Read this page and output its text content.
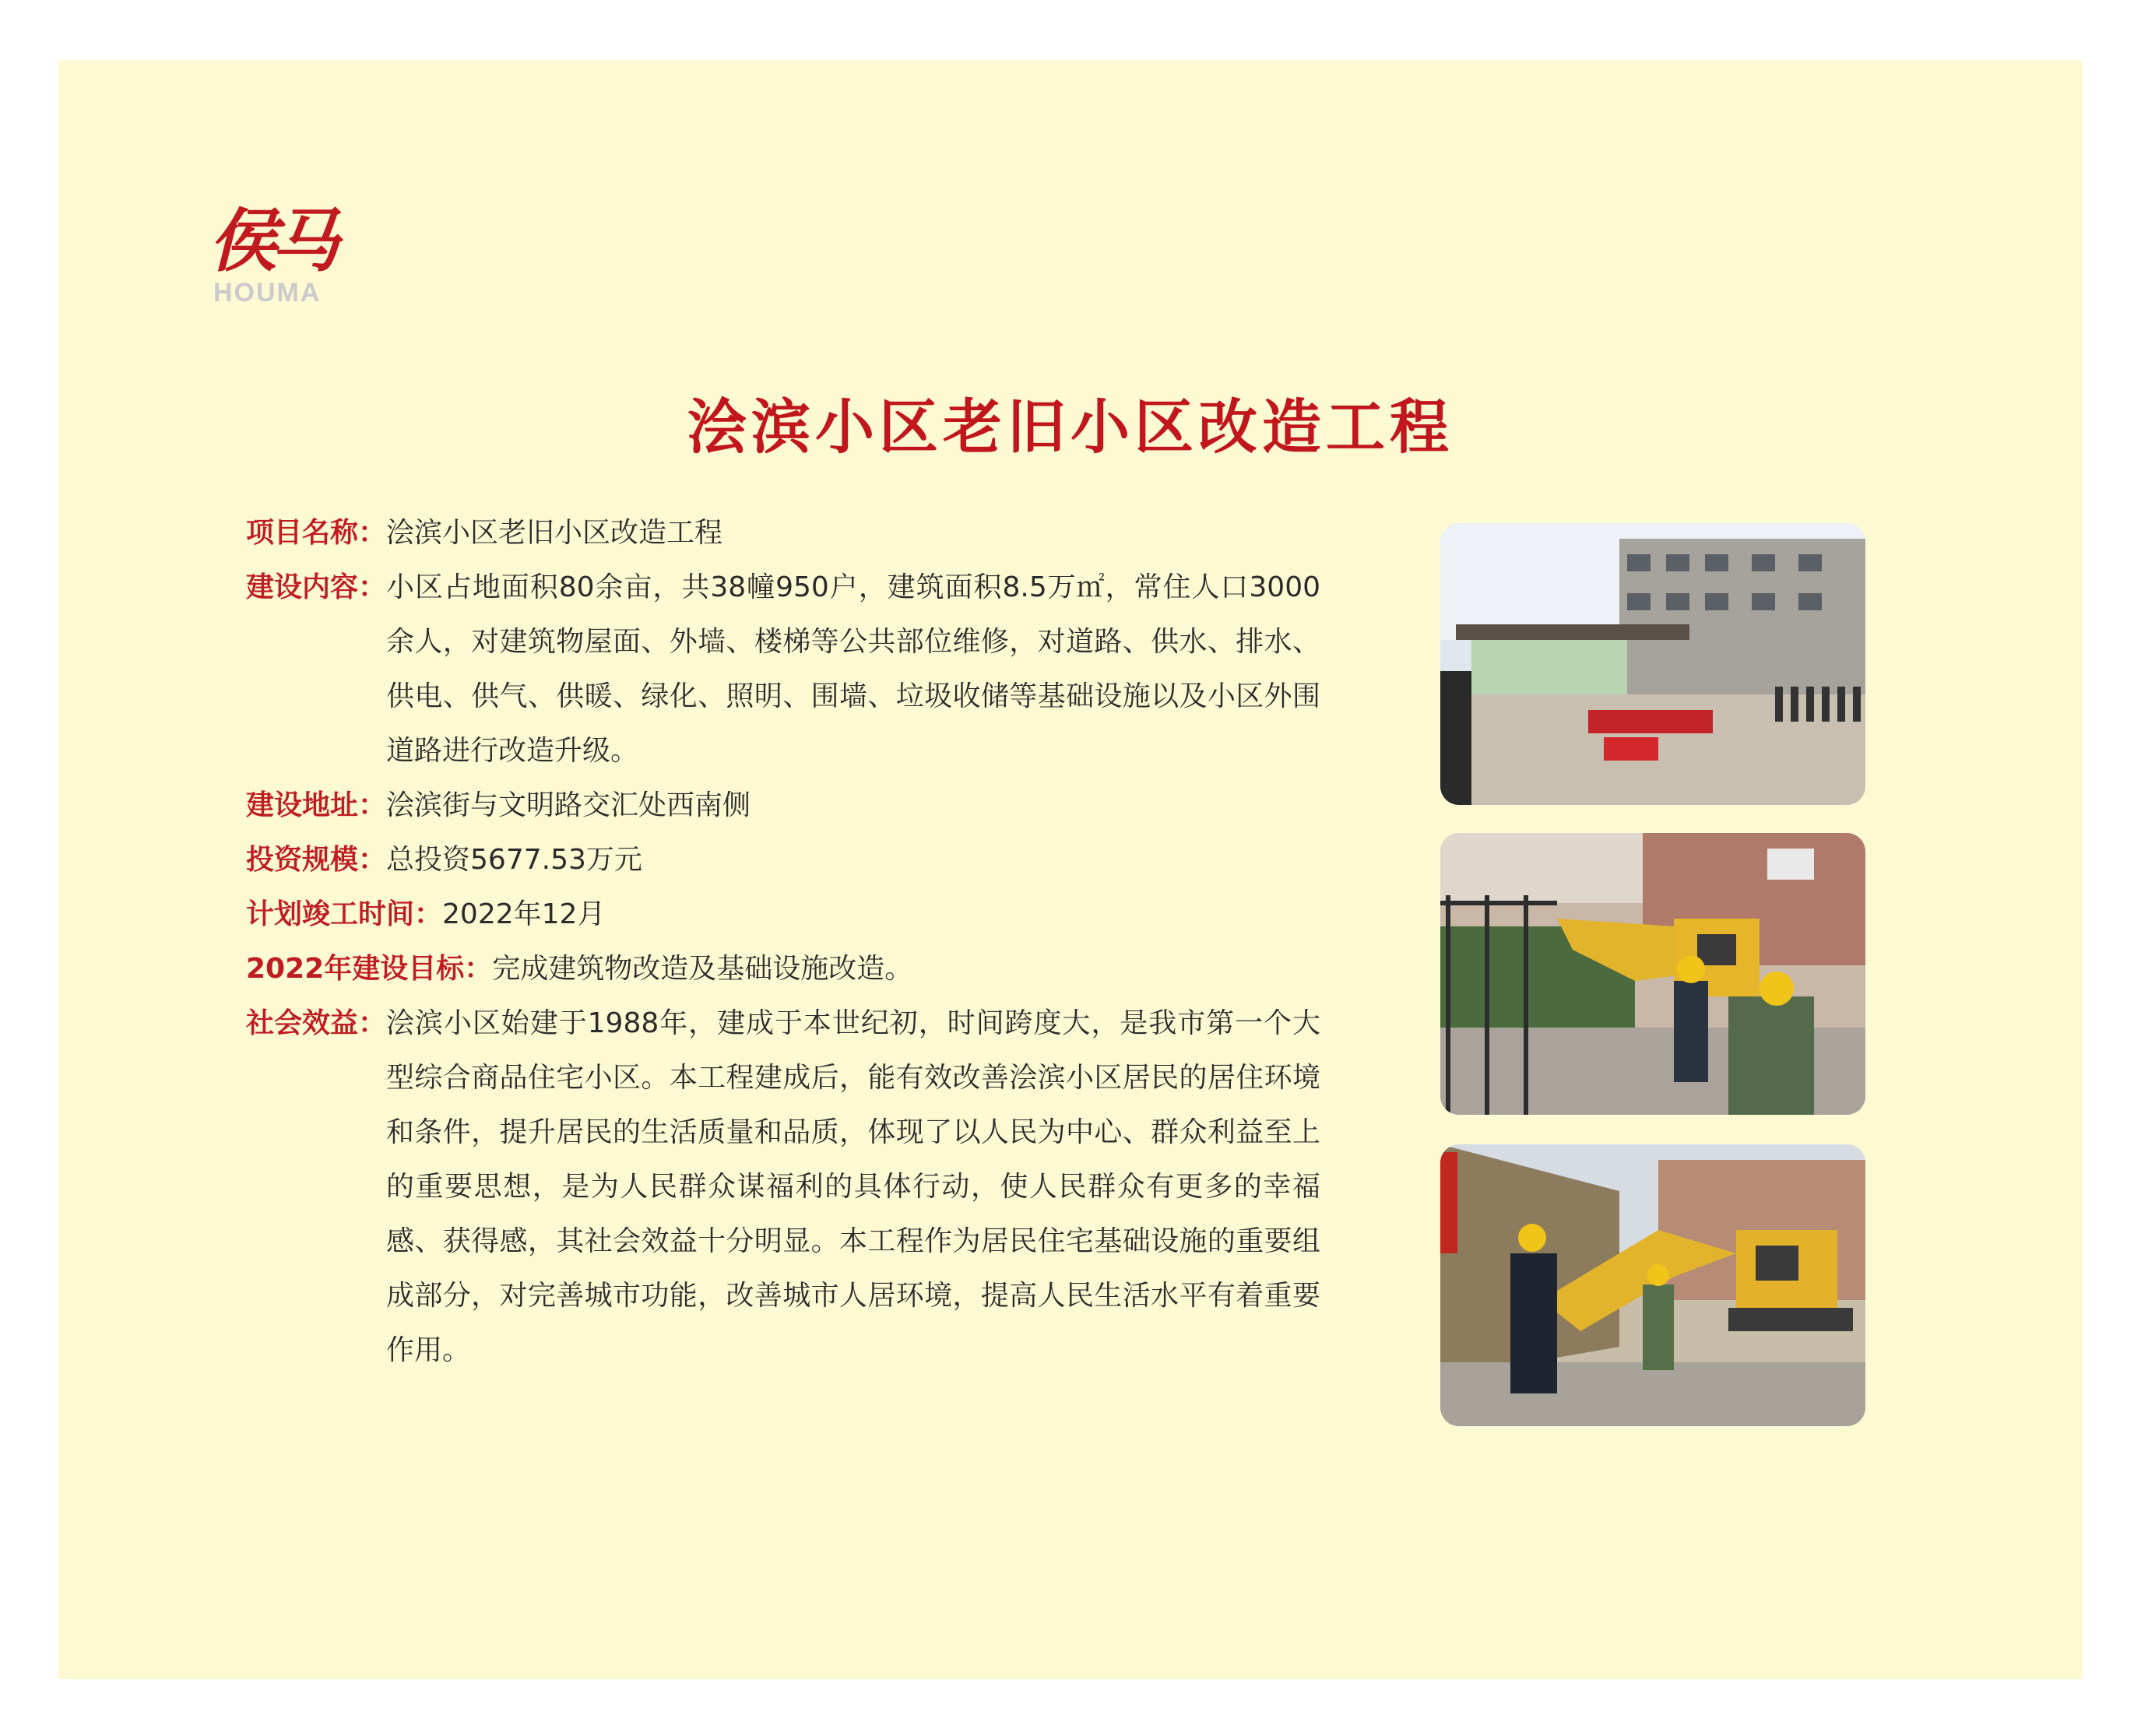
侯马
HOUMA
浍滨小区老旧小区改造工程
项目名称： 浍滨小区老旧小区改造工程
建设内容： 小区占地面积80余亩，共38幢950户，建筑面积8.5万㎡，常住人口3000余人，对建筑物屋面、外墙、楼梯等公共部位维修，对道路、供水、排水、供电、供气、供暖、绿化、照明、围墙、垃圾收储等基础设施以及小区外围道路进行改造升级。
建设地址： 浍滨街与文明路交汇处西南侧
投资规模： 总投资5677.53万元
计划竣工时间： 2022年12月
2022年建设目标： 完成建筑物改造及基础设施改造。
社会效益： 浍滨小区始建于1988年，建成于本世纪初，时间跨度大，是我市第一个大型综合商品住宅小区。本工程建成后，能有效改善浍滨小区居民的居住环境和条件，提升居民的生活质量和品质，体现了以人民为中心、群众利益至上的重要思想，是为人民群众谋福利的具体行动，使人民群众有更多的幸福感、获得感，其社会效益十分明显。本工程作为居民住宅基础设施的重要组成部分，对完善城市功能，改善城市人居环境，提高人民生活水平有着重要作用。
